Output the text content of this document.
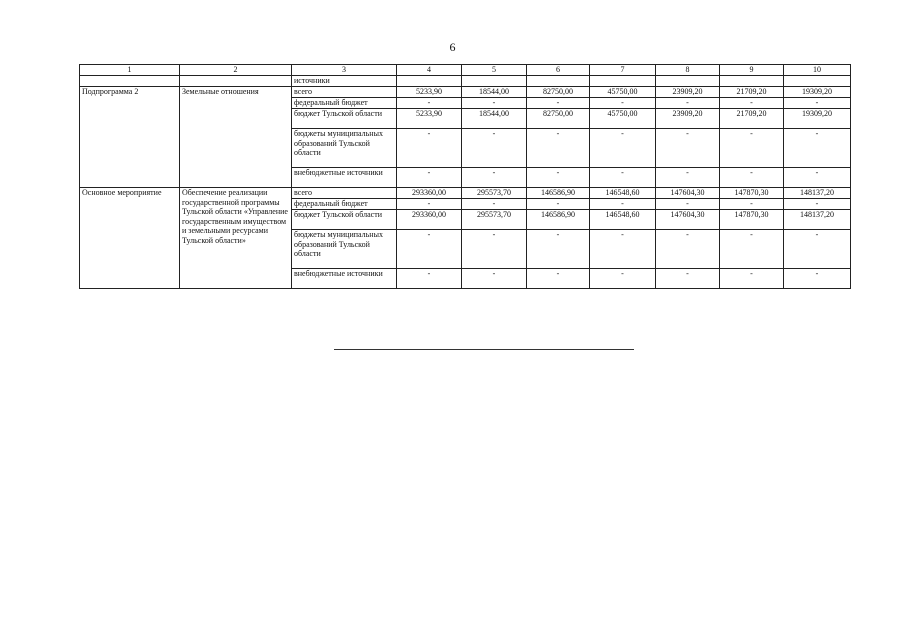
6
1	2	3	4	5	6	7	8	9	10
		источники							
Подпрограмма 2	Земельные отношения	всего	5233,90	18544,00	82750,00	45750,00	23909,20	21709,20	19309,20
		федеральный бюджет	-	-	-	-	-	-	-
		бюджет Тульской области	5233,90	18544,00	82750,00	45750,00	23909,20	21709,20	19309,20
		бюджеты муниципальных образований Тульской области	-	-	-	-	-	-	-
		внебюджетные источники	-	-	-	-	-	-	-
Основное мероприятие	Обеспечение реализации государственной программы Тульской области «Управление государственным имуществом и земельными ресурсами Тульской области»	всего	293360,00	295573,70	146586,90	146548,60	147604,30	147870,30	148137,20
		федеральный бюджет	-	-	-	-	-	-	-
		бюджет Тульской области	293360,00	295573,70	146586,90	146548,60	147604,30	147870,30	148137,20
		бюджеты муниципальных образований Тульской области	-	-	-	-	-	-	-
		внебюджетные источники	-	-	-	-	-	-	-
